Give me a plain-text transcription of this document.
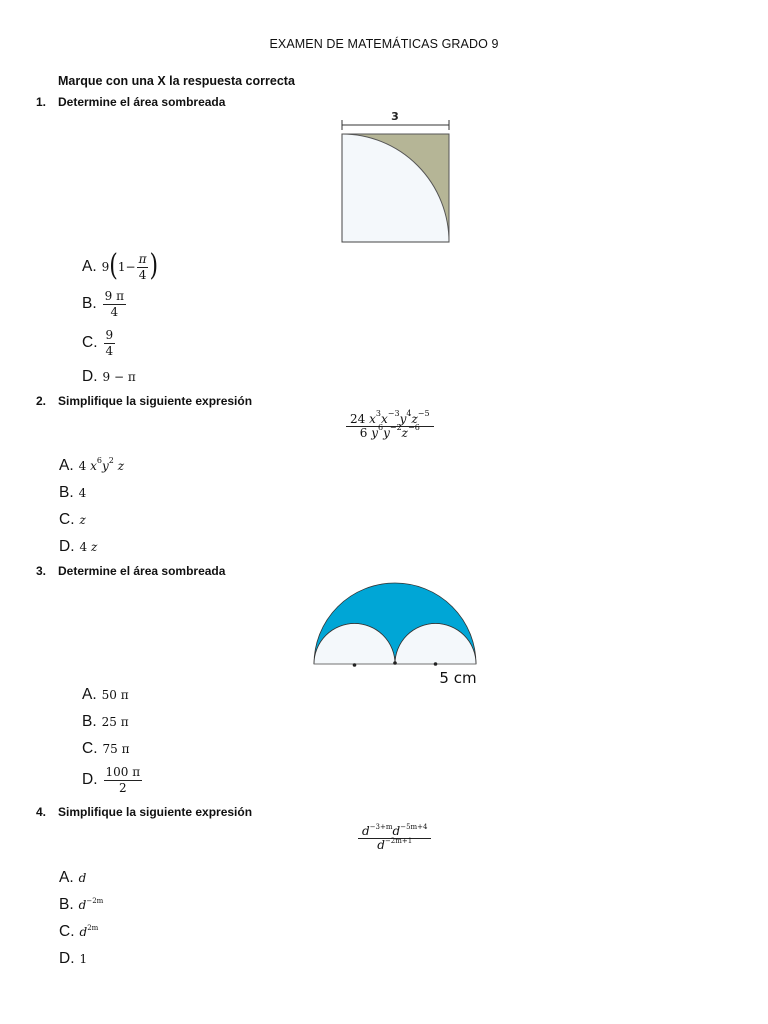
EXAMEN DE MATEMÁTICAS GRADO 9
Marque con una X la respuesta correcta
1. Determine el área sombreada
3
A. 9 ( $1 - \frac{\pi}{4}$ )
B. $\frac{9 \pi}{4}$
C. $\frac{9}{4}$
D. 9 − π
2. Simplifique la siguiente expresión
$\frac{24 x^3x^{-3}y^4z^{-5}}{6 y^6y^{-2}z^{-6}}$
A. 4 $x^6y^2$ z
B. 4
C. z
D. 4 z
3. Determine el área sombreada
5 cm
A. 50 π
B. 25 π
C. 75 π
D. $\frac{100 \pi}{2}$
4. Simplifique la siguiente expresión
$\frac{d^{-3+m}d^{-5m+4}}{d^{-2m+1}}$
A. d
B. $d^{-2m}$
C. $d^{2m}$
D. 1
